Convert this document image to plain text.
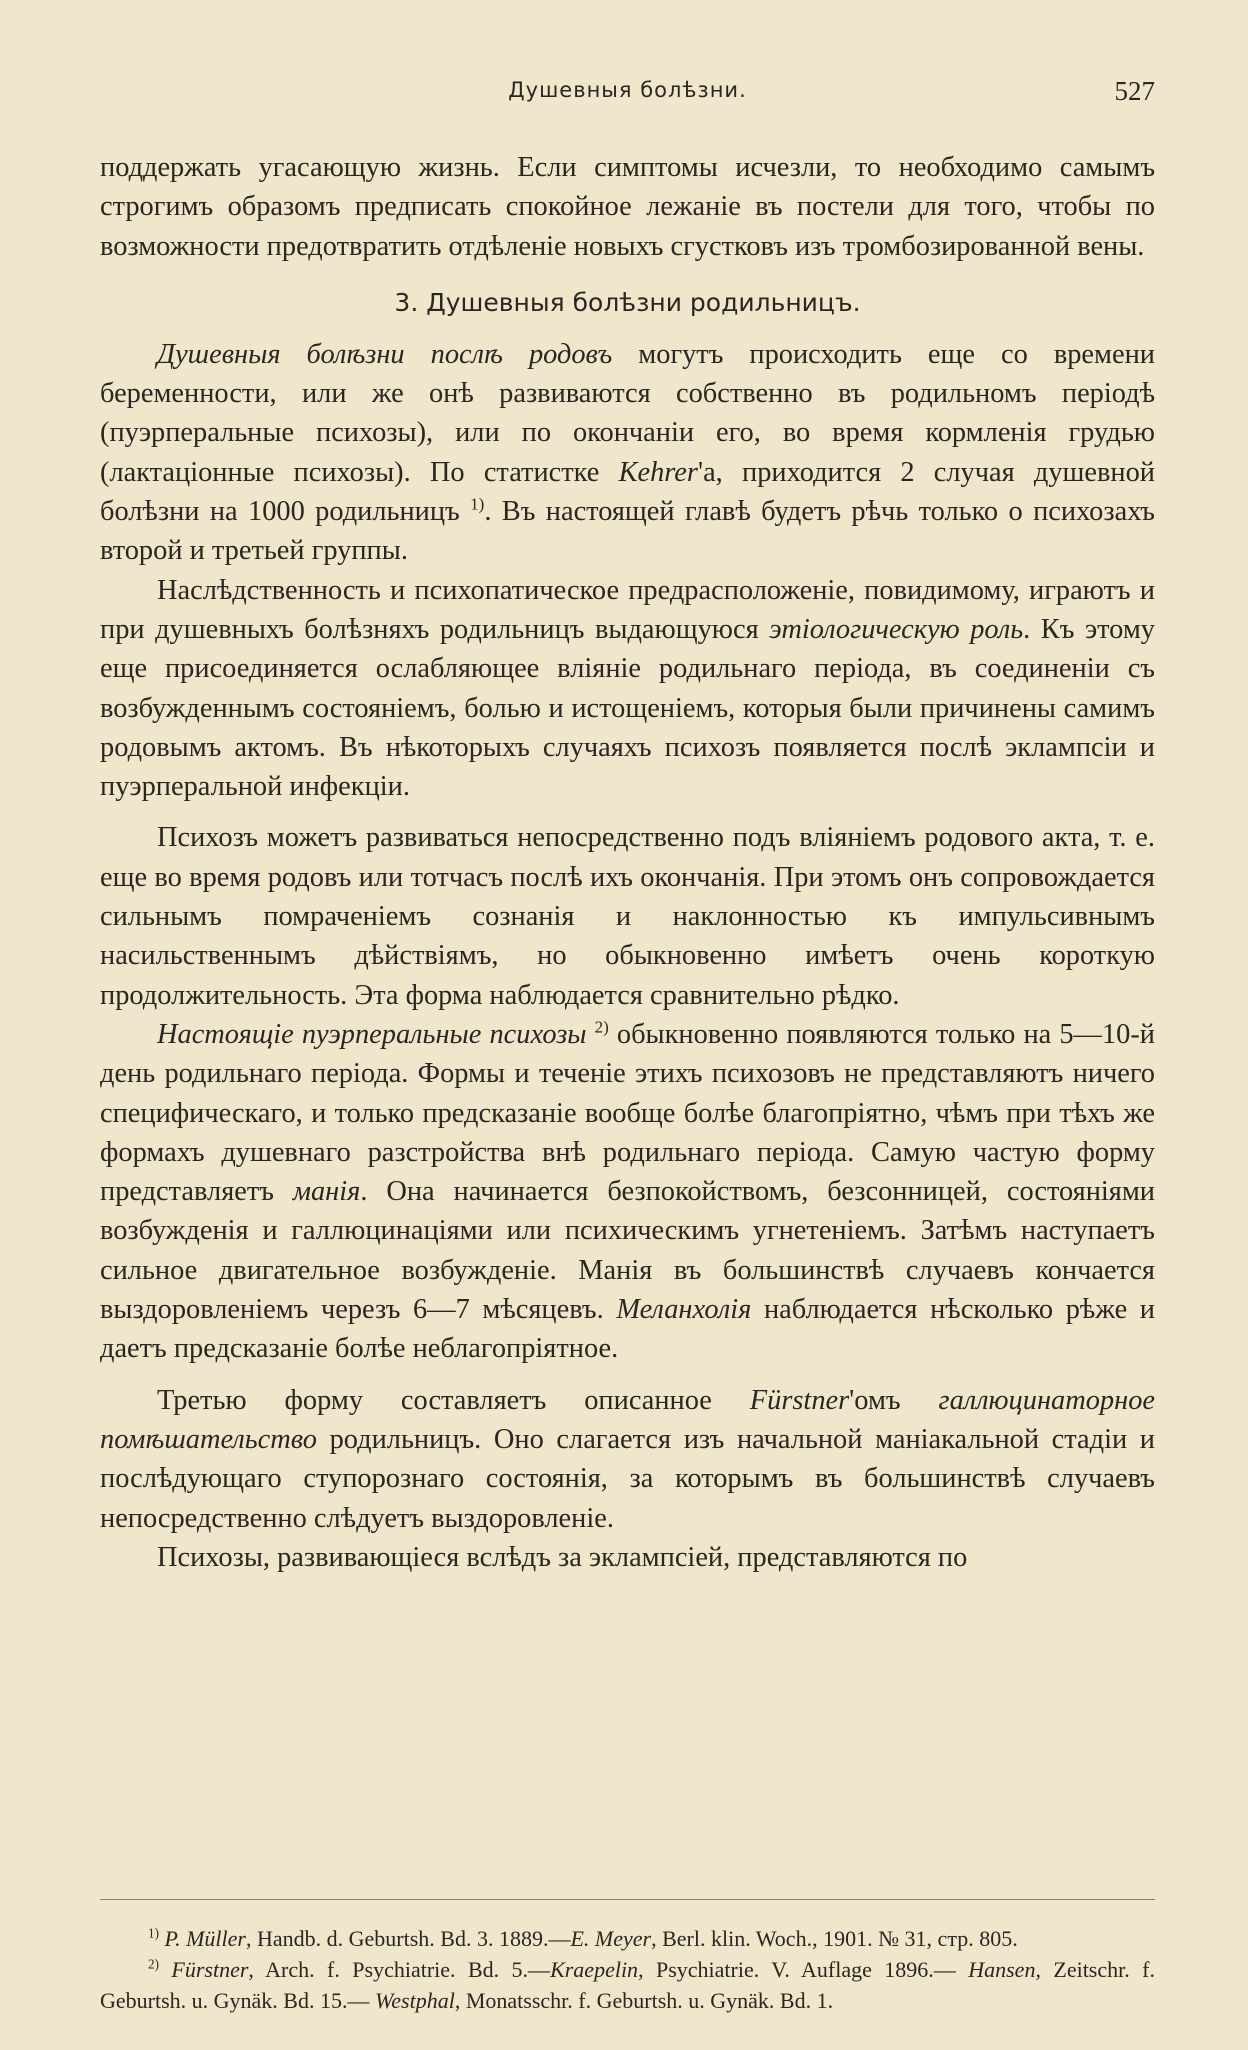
Душевныя болѣзни.	527

поддержать угасающую жизнь. Если симптомы исчезли, то необходимо самымъ строгимъ образомъ предписать спокойное лежаніе въ постели для того, чтобы по возможности предотвратить отдѣленіе новыхъ сгустковъ изъ тромбозированной вены.

3. Душевныя болѣзни родильницъ.

Душевныя болѣзни послѣ родовъ могутъ происходить еще со времени беременности, или же онѣ развиваются собственно въ родильномъ періодѣ (пуэрперальные психозы), или по окончаніи его, во время кормленія грудью (лактаціонные психозы). По статистке Kehrer'а, приходится 2 случая душевной болѣзни на 1000 родильницъ $^{1)}$. Въ настоящей главѣ будетъ рѣчь только о психозахъ второй и третьей группы.

Наслѣдственность и психопатическое предрасположеніе, повидимому, играютъ и при душевныхъ болѣзняхъ родильницъ выдающуюся этіологическую роль. Къ этому еще присоединяется ослабляющее вліяніе родильнаго періода, въ соединеніи съ возбужденнымъ состояніемъ, болью и истощеніемъ, которыя были причинены самимъ родовымъ актомъ. Въ нѣкоторыхъ случаяхъ психозъ появляется послѣ эклампсіи и пуэрперальной инфекціи.

Психозъ можетъ развиваться непосредственно подъ вліяніемъ родового акта, т. е. еще во время родовъ или тотчасъ послѣ ихъ окончанія. При этомъ онъ сопровождается сильнымъ помраченіемъ сознанія и наклонностью къ импульсивнымъ насильственнымъ дѣйствіямъ, но обыкновенно имѣетъ очень короткую продолжительность. Эта форма наблюдается сравнительно рѣдко.

Настоящіе пуэрперальные психозы $^{2)}$ обыкновенно появляются только на 5—10-й день родильнаго періода. Формы и теченіе этихъ психозовъ не представляютъ ничего специфическаго, и только предсказаніе вообще болѣе благопріятно, чѣмъ при тѣхъ же формахъ душевнаго разстройства внѣ родильнаго періода. Самую частую форму представляетъ манія. Она начинается безпокойствомъ, безсонницей, состояніями возбужденія и галлюцинаціями или психическимъ угнетеніемъ. Затѣмъ наступаетъ сильное двигательное возбужденіе. Манія въ большинствѣ случаевъ кончается выздоровленіемъ черезъ 6—7 мѣсяцевъ. Меланхолія наблюдается нѣсколько рѣже и даетъ предсказаніе болѣе неблагопріятное.

Третью форму составляетъ описанное Fürstner'омъ галлюцинаторное помѣшательство родильницъ. Оно слагается изъ начальной маніакальной стадіи и послѣдующаго ступорознаго состоянія, за которымъ въ большинствѣ случаевъ непосредственно слѣдуетъ выздоровленіе.

Психозы, развивающіеся вслѣдъ за эклампсіей, представляются по

$^{1)}$ P. Müller, Handb. d. Geburtsh. Bd. 3. 1889.—E. Meyer, Berl. klin. Woch., 1901. № 31, стр. 805.

$^{2)}$ Fürstner, Arch. f. Psychiatrie. Bd. 5.—Kraepelin, Psychiatrie. V. Auflage 1896.— Hansen, Zeitschr. f. Geburtsh. u. Gynäk. Bd. 15.— Westphal, Monatsschr. f. Geburtsh. u. Gynäk. Bd. 1.
